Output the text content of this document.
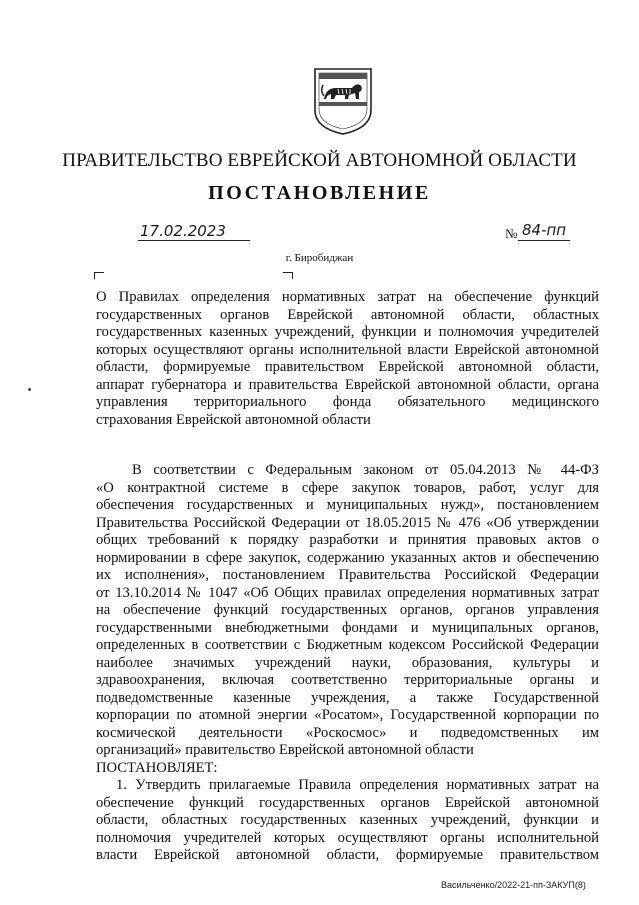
ПРАВИТЕЛЬСТВО ЕВРЕЙСКОЙ АВТОНОМНОЙ ОБЛАСТИ
ПОСТАНОВЛЕНИЕ
17.02.2023	№ 84-пп
г. Биробиджан
О Правилах определения нормативных затрат на обеспечение функций
государственных органов Еврейской автономной области, областных
государственных казенных учреждений, функции и полномочия учредителей
которых осуществляют органы исполнительной власти Еврейской автономной
области, формируемые правительством Еврейской автономной области,
аппарат губернатора и правительства Еврейской автономной области, органа
управления территориального фонда обязательного медицинского
страхования Еврейской автономной области
В соответствии с Федеральным законом от 05.04.2013 № 44-ФЗ
«О контрактной системе в сфере закупок товаров, работ, услуг для
обеспечения государственных и муниципальных нужд», постановлением
Правительства Российской Федерации от 18.05.2015 № 476 «Об утверждении
общих требований к порядку разработки и принятия правовых актов о
нормировании в сфере закупок, содержанию указанных актов и обеспечению
их исполнения», постановлением Правительства Российской Федерации
от 13.10.2014 № 1047 «Об Общих правилах определения нормативных затрат
на обеспечение функций государственных органов, органов управления
государственными внебюджетными фондами и муниципальных органов,
определенных в соответствии с Бюджетным кодексом Российской Федерации
наиболее значимых учреждений науки, образования, культуры и
здравоохранения, включая соответственно территориальные органы и
подведомственные казенные учреждения, а также Государственной
корпорации по атомной энергии «Росатом», Государственной корпорации по
космической деятельности «Роскосмос» и подведомственных им
организаций» правительство Еврейской автономной области
ПОСТАНОВЛЯЕТ:
1. Утвердить прилагаемые Правила определения нормативных затрат на
обеспечение функций государственных органов Еврейской автономной
области, областных государственных казенных учреждений, функции и
полномочия учредителей которых осуществляют органы исполнительной
власти Еврейской автономной области, формируемые правительством
Васильченко/2022-21-пп-ЗАКУП(8)
